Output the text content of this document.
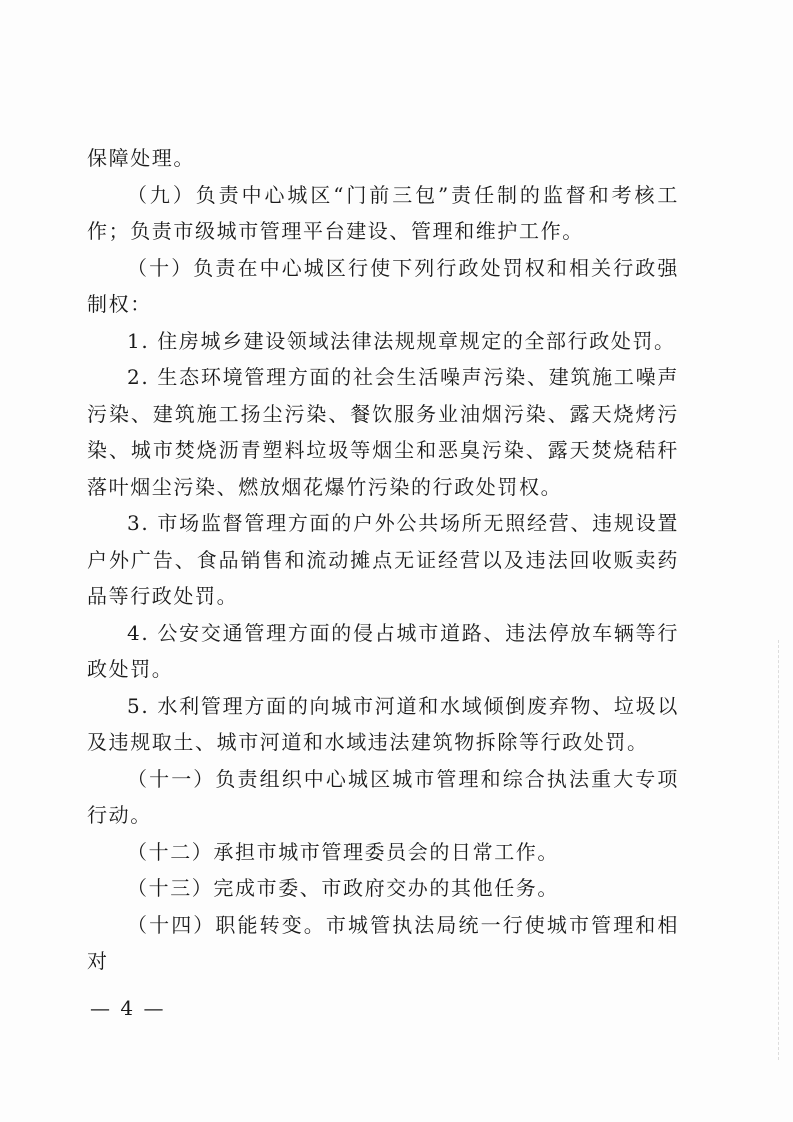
保障处理。

（九）负责中心城区“门前三包”责任制的监督和考核工作；负责市级城市管理平台建设、管理和维护工作。

（十）负责在中心城区行使下列行政处罚权和相关行政强制权：

1. 住房城乡建设领域法律法规规章规定的全部行政处罚。

2. 生态环境管理方面的社会生活噪声污染、建筑施工噪声污染、建筑施工扬尘污染、餐饮服务业油烟污染、露天烧烤污染、城市焚烧沥青塑料垃圾等烟尘和恶臭污染、露天焚烧秸秆落叶烟尘污染、燃放烟花爆竹污染的行政处罚权。

3. 市场监督管理方面的户外公共场所无照经营、违规设置户外广告、食品销售和流动摊点无证经营以及违法回收贩卖药品等行政处罚。

4. 公安交通管理方面的侵占城市道路、违法停放车辆等行政处罚。

5. 水利管理方面的向城市河道和水域倾倒废弃物、垃圾以及违规取土、城市河道和水域违法建筑物拆除等行政处罚。

（十一）负责组织中心城区城市管理和综合执法重大专项行动。

（十二）承担市城市管理委员会的日常工作。

（十三）完成市委、市政府交办的其他任务。

（十四）职能转变。市城管执法局统一行使城市管理和相对

— 4 —
